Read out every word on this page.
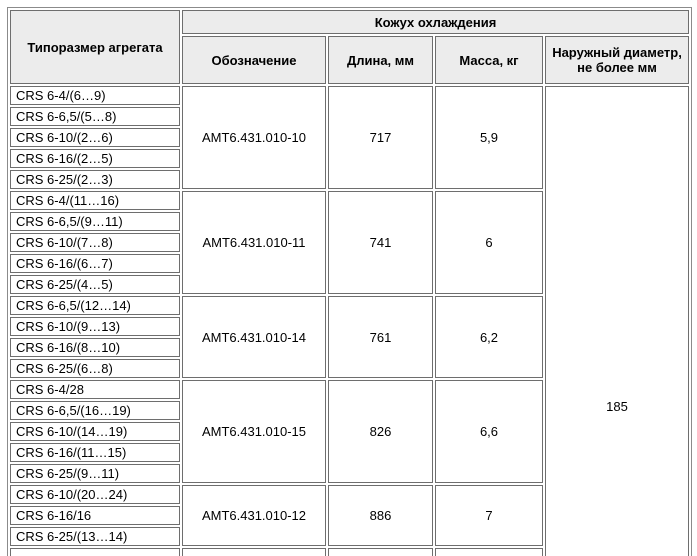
Типоразмер агрегата	Кожух охлаждения			
	Обозначение	Длина, мм	Масса, кг	Наружный диаметр, не более мм
CRS 6-4/(6…9)	АМТ6.431.010-10	717	5,9	185
CRS 6-6,5/(5…8)				
CRS 6-10/(2…6)				
CRS 6-16/(2…5)				
CRS 6-25/(2…3)				
CRS 6-4/(11…16)	АМТ6.431.010-11	741	6	
CRS 6-6,5/(9…11)				
CRS 6-10/(7…8)				
CRS 6-16/(6…7)				
CRS 6-25/(4…5)				
CRS 6-6,5/(12…14)	АМТ6.431.010-14	761	6,2	
CRS 6-10/(9…13)				
CRS 6-16/(8…10)				
CRS 6-25/(6…8)				
CRS 6-4/28	АМТ6.431.010-15	826	6,6	
CRS 6-6,5/(16…19)				
CRS 6-10/(14…19)				
CRS 6-16/(11…15)				
CRS 6-25/(9…11)				
CRS 6-10/(20…24)	АМТ6.431.010-12	886	7	
CRS 6-16/16				
CRS 6-25/(13…14)				
